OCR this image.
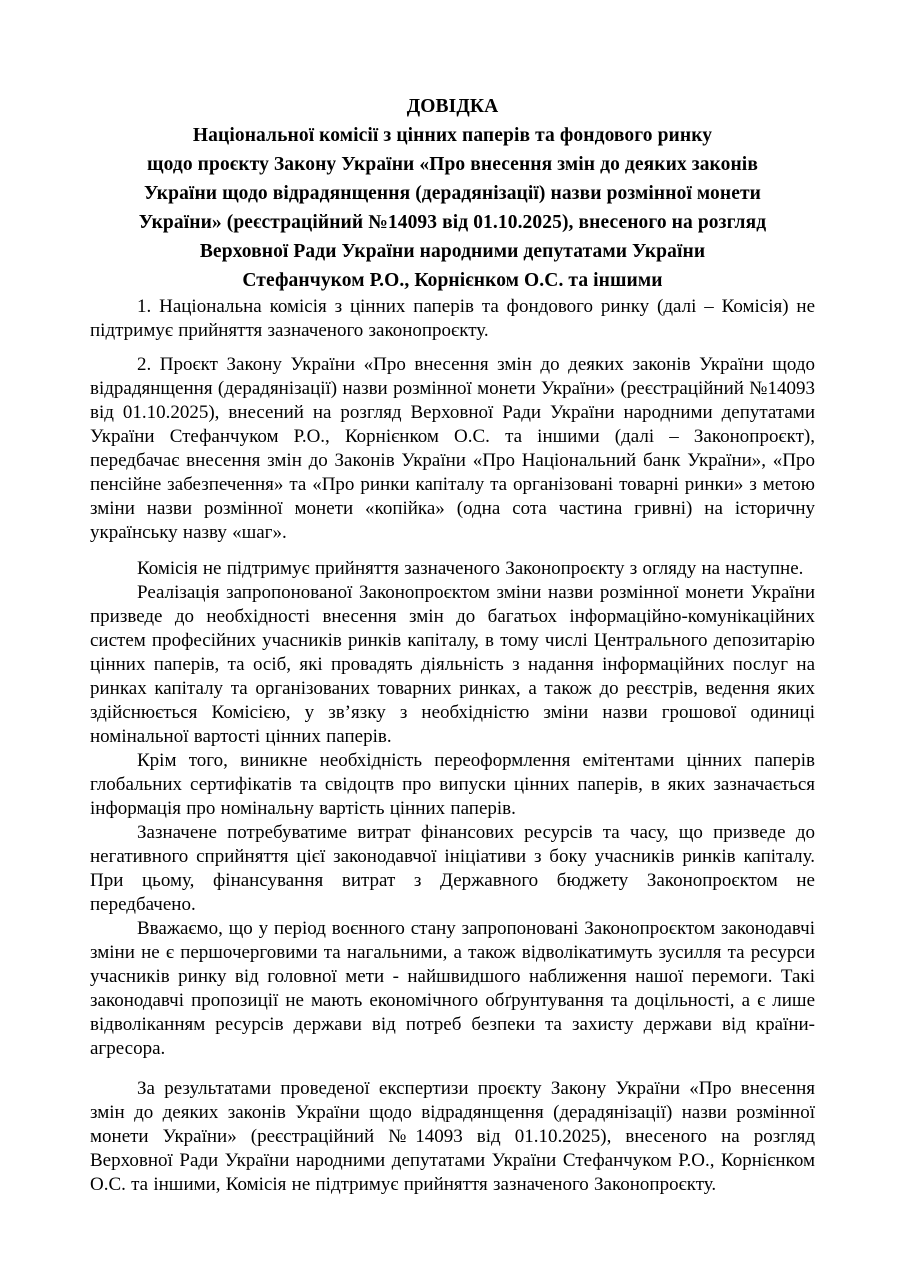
ДОВІДКА
Національної комісії з цінних паперів та фондового ринку
щодо проєкту Закону України «Про внесення змін до деяких законів
України щодо відрадянщення (дерадянізації) назви розмінної монети
України» (реєстраційний №14093 від 01.10.2025), внесеного на розгляд
Верховної Ради України народними депутатами України
Стефанчуком Р.О., Корнієнком О.С. та іншими

1. Національна комісія з цінних паперів та фондового ринку (далі – Комісія) не підтримує прийняття зазначеного законопроєкту.

2. Проєкт Закону України «Про внесення змін до деяких законів України щодо відрадянщення (дерадянізації) назви розмінної монети України» (реєстраційний №14093 від 01.10.2025), внесений на розгляд Верховної Ради України народними депутатами України Стефанчуком Р.О., Корнієнком О.С. та іншими (далі – Законопроєкт), передбачає внесення змін до Законів України «Про Національний банк України», «Про пенсійне забезпечення» та «Про ринки капіталу та організовані товарні ринки» з метою зміни назви розмінної монети «копійка» (одна сота частина гривні) на історичну українську назву «шаг».

Комісія не підтримує прийняття зазначеного Законопроєкту з огляду на наступне.

Реалізація запропонованої Законопроєктом зміни назви розмінної монети України призведе до необхідності внесення змін до багатьох інформаційно-комунікаційних систем професійних учасників ринків капіталу, в тому числі Центрального депозитарію цінних паперів, та осіб, які провадять діяльність з надання інформаційних послуг на ринках капіталу та організованих товарних ринках, а також до реєстрів, ведення яких здійснюється Комісією, у зв’язку з необхідністю зміни назви грошової одиниці номінальної вартості цінних паперів.

Крім того, виникне необхідність переоформлення емітентами цінних паперів глобальних сертифікатів та свідоцтв про випуски цінних паперів, в яких зазначається інформація про номінальну вартість цінних паперів.

Зазначене потребуватиме витрат фінансових ресурсів та часу, що призведе до негативного сприйняття цієї законодавчої ініціативи з боку учасників ринків капіталу. При цьому, фінансування витрат з Державного бюджету Законопроєктом не передбачено.

Вважаємо, що у період воєнного стану запропоновані Законопроєктом законодавчі зміни не є першочерговими та нагальними, а також відволікатимуть зусилля та ресурси учасників ринку від головної мети - найшвидшого наближення нашої перемоги. Такі законодавчі пропозиції не мають економічного обґрунтування та доцільності, а є лише відволіканням ресурсів держави від потреб безпеки та захисту держави від країни-агресора.

За результатами проведеної експертизи проєкту Закону України «Про внесення змін до деяких законів України щодо відрадянщення (дерадянізації) назви розмінної монети України» (реєстраційний №14093 від 01.10.2025), внесеного на розгляд Верховної Ради України народними депутатами України Стефанчуком Р.О., Корнієнком О.С. та іншими, Комісія не підтримує прийняття зазначеного Законопроєкту.
